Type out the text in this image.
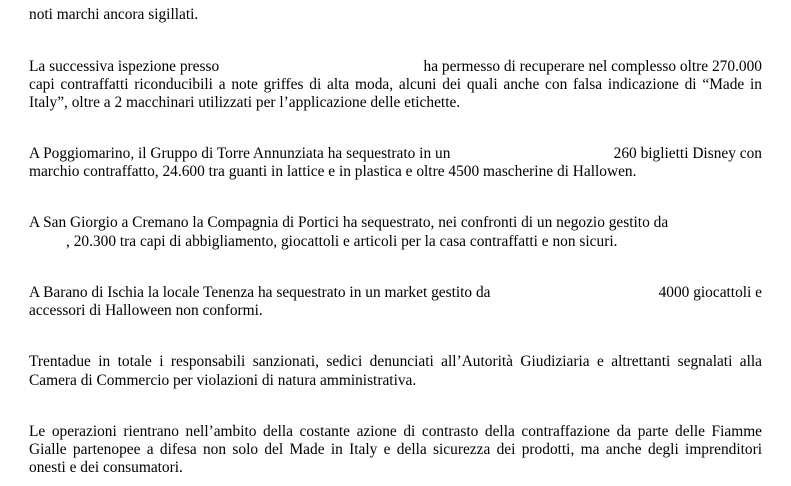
noti marchi ancora sigillati.
La successiva ispezione presso	ha permesso di recuperare nel complesso oltre 270.000
capi contraffatti riconducibili a note griffes di alta moda, alcuni dei quali anche con falsa indicazione di “Made in
Italy”, oltre a 2 macchinari utilizzati per l’applicazione delle etichette.
A Poggiomarino, il Gruppo di Torre Annunziata ha sequestrato in un	260 biglietti Disney con
marchio contraffatto, 24.600 tra guanti in lattice e in plastica e oltre 4500 mascherine di Hallowen.
A San Giorgio a Cremano la Compagnia di Portici ha sequestrato, nei confronti di un negozio gestito da
, 20.300 tra capi di abbigliamento, giocattoli e articoli per la casa contraffatti e non sicuri.
A Barano di Ischia la locale Tenenza ha sequestrato in un market gestito da	4000 giocattoli e
accessori di Halloween non conformi.
Trentadue in totale i responsabili sanzionati, sedici denunciati all’Autorità Giudiziaria e altrettanti segnalati alla
Camera di Commercio per violazioni di natura amministrativa.
Le operazioni rientrano nell’ambito della costante azione di contrasto della contraffazione da parte delle Fiamme
Gialle partenopee a difesa non solo del Made in Italy e della sicurezza dei prodotti, ma anche degli imprenditori
onesti e dei consumatori.
